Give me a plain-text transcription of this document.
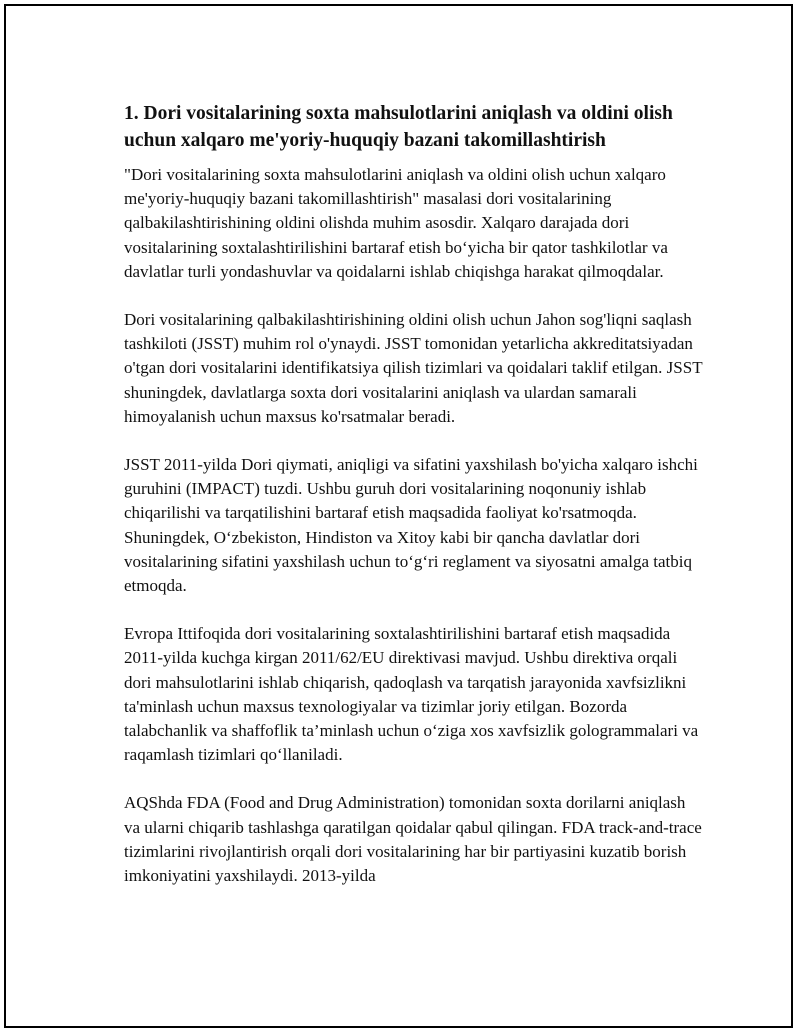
1. Dori vositalarining soxta mahsulotlarini aniqlash va oldini olish uchun xalqaro me'yoriy-huquqiy bazani takomillashtirish

"Dori vositalarining soxta mahsulotlarini aniqlash va oldini olish uchun xalqaro me'yoriy-huquqiy bazani takomillashtirish" masalasi dori vositalarining qalbakilashtirishining oldini olishda muhim asosdir. Xalqaro darajada dori vositalarining soxtalashtirilishini bartaraf etish bo‘yicha bir qator tashkilotlar va davlatlar turli yondashuvlar va qoidalarni ishlab chiqishga harakat qilmoqdalar.

Dori vositalarining qalbakilashtirishining oldini olish uchun Jahon sog'liqni saqlash tashkiloti (JSST) muhim rol o'ynaydi. JSST tomonidan yetarlicha akkreditatsiyadan o'tgan dori vositalarini identifikatsiya qilish tizimlari va qoidalari taklif etilgan. JSST shuningdek, davlatlarga soxta dori vositalarini aniqlash va ulardan samarali himoyalanish uchun maxsus ko'rsatmalar beradi.

JSST 2011-yilda Dori qiymati, aniqligi va sifatini yaxshilash bo'yicha xalqaro ishchi guruhini (IMPACT) tuzdi. Ushbu guruh dori vositalarining noqonuniy ishlab chiqarilishi va tarqatilishini bartaraf etish maqsadida faoliyat ko'rsatmoqda. Shuningdek, O‘zbekiston, Hindiston va Xitoy kabi bir qancha davlatlar dori vositalarining sifatini yaxshilash uchun to‘g‘ri reglament va siyosatni amalga tatbiq etmoqda.

Evropa Ittifoqida dori vositalarining soxtalashtirilishini bartaraf etish maqsadida 2011-yilda kuchga kirgan 2011/62/EU direktivasi mavjud. Ushbu direktiva orqali dori mahsulotlarini ishlab chiqarish, qadoqlash va tarqatish jarayonida xavfsizlikni ta'minlash uchun maxsus texnologiyalar va tizimlar joriy etilgan. Bozorda talabchanlik va shaffoflik ta’minlash uchun o‘ziga xos xavfsizlik gologrammalari va raqamlash tizimlari qo‘llaniladi.

AQShda FDA (Food and Drug Administration) tomonidan soxta dorilarni aniqlash va ularni chiqarib tashlashga qaratilgan qoidalar qabul qilingan. FDA track-and-trace tizimlarini rivojlantirish orqali dori vositalarining har bir partiyasini kuzatib borish imkoniyatini yaxshilaydi. 2013-yilda
